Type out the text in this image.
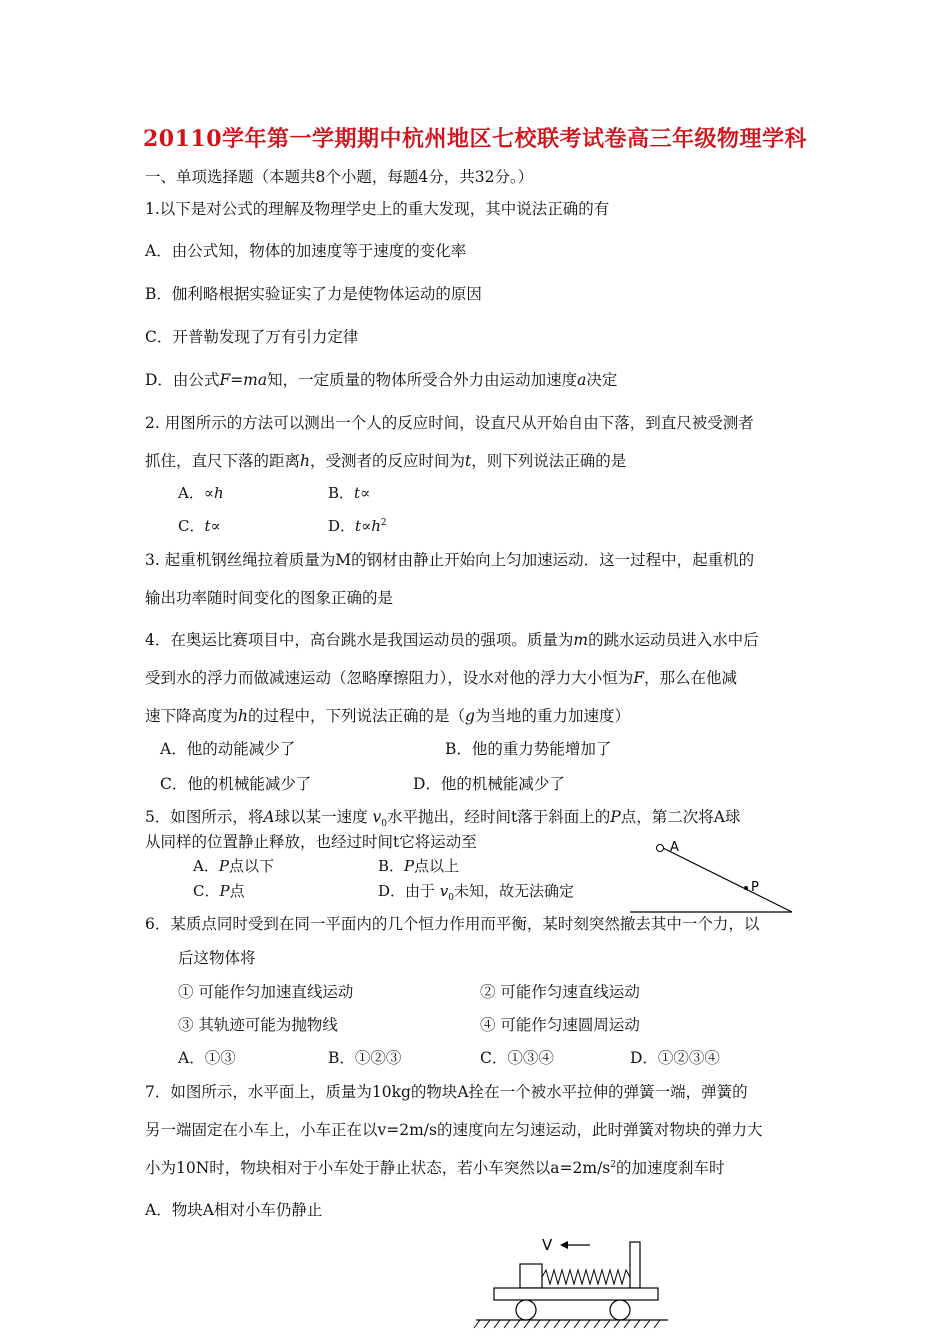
20110学年第一学期期中杭州地区七校联考试卷高三年级物理学科
一、单项选择题（本题共8个小题，每题4分，共32分。）
1.以下是对公式的理解及物理学史上的重大发现，其中说法正确的有
A．由公式知，物体的加速度等于速度的变化率
B．伽利略根据实验证实了力是使物体运动的原因
C．开普勒发现了万有引力定律
D．由公式F=ma知，一定质量的物体所受合外力由运动加速度a决定
2. 用图所示的方法可以测出一个人的反应时间，设直尺从开始自由下落，到直尺被受测者
抓住，直尺下落的距离h，受测者的反应时间为t，则下列说法正确的是
A．∝h	B．t∝
C．t∝	D．$t\propto h^2$
3. 起重机钢丝绳拉着质量为M的钢材由静止开始向上匀加速运动．这一过程中，起重机的
输出功率随时间变化的图象正确的是
4．在奥运比赛项目中，高台跳水是我国运动员的强项。质量为m的跳水运动员进入水中后
受到水的浮力而做减速运动（忽略摩擦阻力），设水对他的浮力大小恒为F，那么在他减
速下降高度为h的过程中，下列说法正确的是（g为当地的重力加速度）
A．他的动能减少了	B．他的重力势能增加了
C．他的机械能减少了	D．他的机械能减少了
5．如图所示，将A球以某一速度 $v_0$水平抛出，经时间t落于斜面上的P点，第二次将A球
从同样的位置静止释放，也经过时间t它将运动至
A．P点以下	B．P点以上
C．P点	D．由于 $v_0$未知，故无法确定
A
P
6．某质点同时受到在同一平面内的几个恒力作用而平衡，某时刻突然撤去其中一个力，以
后这物体将
① 可能作匀加速直线运动	② 可能作匀速直线运动
③ 其轨迹可能为抛物线	④ 可能作匀速圆周运动
A．①③	B．①②③	C．①③④	D．①②③④
7．如图所示，水平面上，质量为10kg的物块A拴在一个被水平拉伸的弹簧一端，弹簧的
另一端固定在小车上，小车正在以v=2m/s的速度向左匀速运动，此时弹簧对物块的弹力大
小为10N时，物块相对于小车处于静止状态，若小车突然以$a=2m/s^2$的加速度刹车时
A．物块A相对小车仍静止
V
